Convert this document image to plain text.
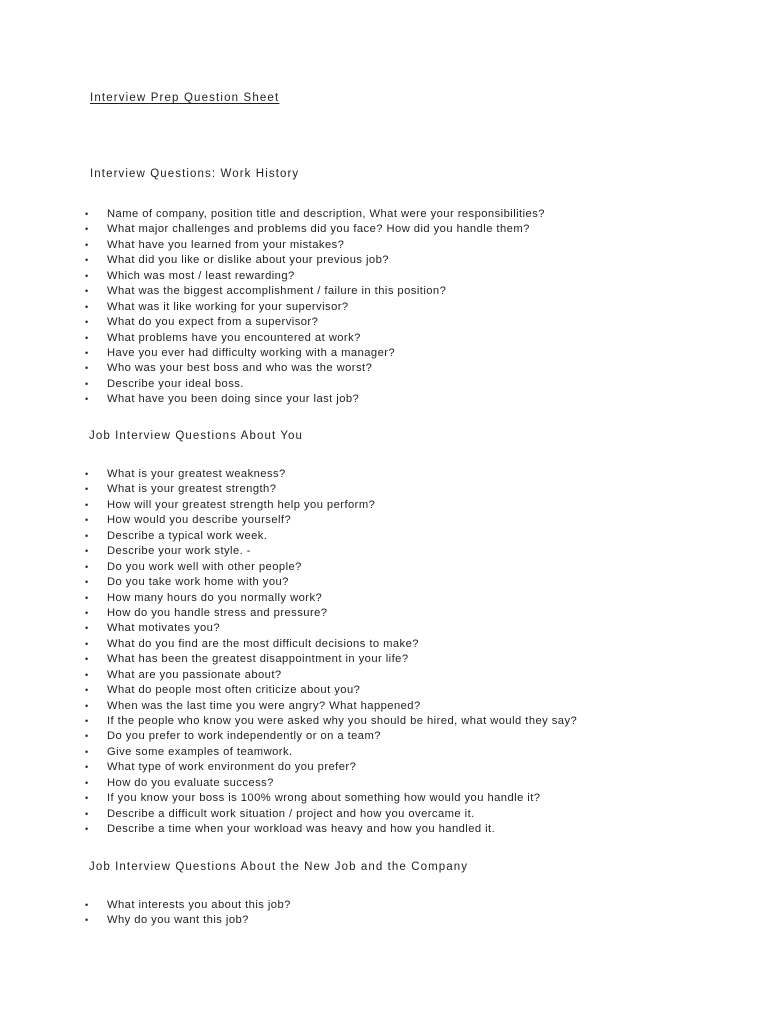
Interview Prep Question Sheet
Interview Questions: Work History
• Name of company, position title and description, What were your responsibilities?
• What major challenges and problems did you face? How did you handle them?
• What have you learned from your mistakes?
• What did you like or dislike about your previous job?
• Which was most / least rewarding?
• What was the biggest accomplishment / failure in this position?
• What was it like working for your supervisor?
• What do you expect from a supervisor?
• What problems have you encountered at work?
• Have you ever had difficulty working with a manager?
• Who was your best boss and who was the worst?
• Describe your ideal boss.
• What have you been doing since your last job?
Job Interview Questions About You
• What is your greatest weakness?
• What is your greatest strength?
• How will your greatest strength help you perform?
• How would you describe yourself?
• Describe a typical work week.
• Describe your work style. -
• Do you work well with other people?
• Do you take work home with you?
• How many hours do you normally work?
• How do you handle stress and pressure?
• What motivates you?
• What do you find are the most difficult decisions to make?
• What has been the greatest disappointment in your life?
• What are you passionate about?
• What do people most often criticize about you?
• When was the last time you were angry? What happened?
• If the people who know you were asked why you should be hired, what would they say?
• Do you prefer to work independently or on a team?
• Give some examples of teamwork.
• What type of work environment do you prefer?
• How do you evaluate success?
• If you know your boss is 100% wrong about something how would you handle it?
• Describe a difficult work situation / project and how you overcame it.
• Describe a time when your workload was heavy and how you handled it.
Job Interview Questions About the New Job and the Company
• What interests you about this job?
• Why do you want this job?
